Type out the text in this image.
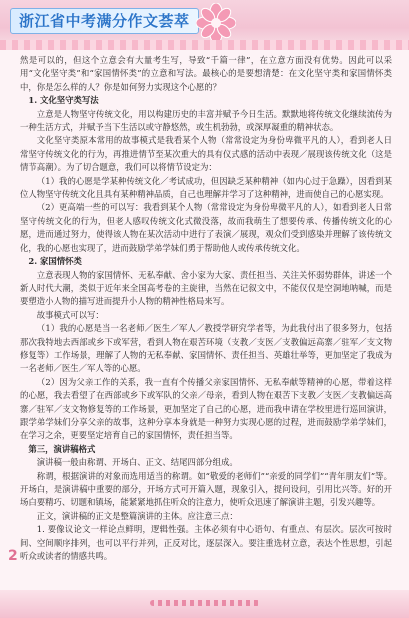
浙江省中考满分作文荟萃

然是可以的，但这个立意会有大量考生写，导致“千篇一律”，在立意方面没有优势。因此可以采用“文化坚守类”和“家国情怀类”的立意和写法。最核心的是要想清楚：在文化坚守类和家国情怀类中，你是怎么样的人？你是如何努力实现这个心愿的？

1. 文化坚守类写法

立意是人物坚守传统文化，用以构建历史的丰富并赋予今日生活。默默地将传统文化继续流传为一种生活方式，并赋予当下生活以或守静悠然，或生机勃勃，或深厚凝重的精神状态。

文化坚守类原本常用的故事模式是我看某个人物（常常设定为身份卑微平凡的人），看到老人日常坚守传统文化的行为，再推进情节至某次重大的具有仪式感的活动中表现／展现该传统文化（这是情节高潮）。为了切合题意，我们可以将情节设定为：

（1）我的心愿是学某种传统文化／考试成功，但因缺乏某种精神（如内心过于急躁），因看到某位人物坚守传统文化且具有某种精神品质，自己也理解并学习了这种精神，进而使自己的心愿实现。

（2）更高端一些的可以写：我看到某个人物（常常设定为身份卑微平凡的人），如看到老人日常坚守传统文化的行为，但老人感叹传统文化式微没落，故而我萌生了想要传承、传播传统文化的心愿，进而通过努力，使得该人物在某次活动中进行了表演／展现，观众们受到感染并理解了该传统文化，我的心愿也实现了，进而鼓励学弟学妹们勇于帮助他人或传承传统文化。

2. 家国情怀类

立意表现人物的家国情怀、无私奉献、舍小家为大家、责任担当、关注关怀弱势群体，讲述一个新人时代大潮，类似于近年来全国高考卷的主旋律，当然在记叙文中，不能仅仅是空洞地呐喊，而是要塑造小人物的描写进而提升小人物的精神性格局来写。

故事模式可以写：

（1）我的心愿是当一名老师／医生／军人／教授学研究学者等，为此我付出了很多努力，包括那次我特地去西部或乡下或军营，看到人物在艰苦环境（支教／支医／支教偏远高寨／驻军／支文物修复等）工作场景，理解了人物的无私奉献、家国情怀、责任担当、英雄壮举等，更加坚定了我成为一名老师／医生／军人等的心愿。

（2）因为父亲工作的关系，我一直有个传播父亲家国情怀、无私奉献等精神的心愿，带着这样的心愿，我去看望了在西部或乡下或军队的父亲／母亲，看到人物在艰苦下支教／支医／支教偏远高寨／驻军／支文物修复等的工作场景，更加坚定了自己的心愿，进而我申请在学校里进行巡回演讲，跟学弟学妹们分享父亲的故事，这种分享本身就是一种努力实现心愿的过程，进而鼓励学弟学妹们，在学习之余，更要坚定培育自己的家国情怀，责任担当等。

第三，演讲稿格式

演讲稿一般由称谓、开场白、正文、结尾四部分组成。

称谓，根据演讲的对象而选用适当的称谓。如“敬爱的老师们”“亲爱的同学们”“青年朋友们”等。开场白，是演讲稿中重要的部分，开场方式可开篇入题，现象引入，提问设问，引用比兴等。好的开场白要精巧、切题和镇场，能紧紧地抓住听众的注意力，使听众迅速了解演讲主题，引发兴趣等。

正文，演讲稿的正文是整篇演讲的主体。应注意三点：

1. 要像议论文一样论点鲜明，逻辑性强。主体必须有中心语句、有重点、有层次。层次可按时间、空间顺序排列，也可以平行并列，正反对比，逐层深入。要注重选材立意，表达个性思想，引起听众或读者的情感共鸣。

2
